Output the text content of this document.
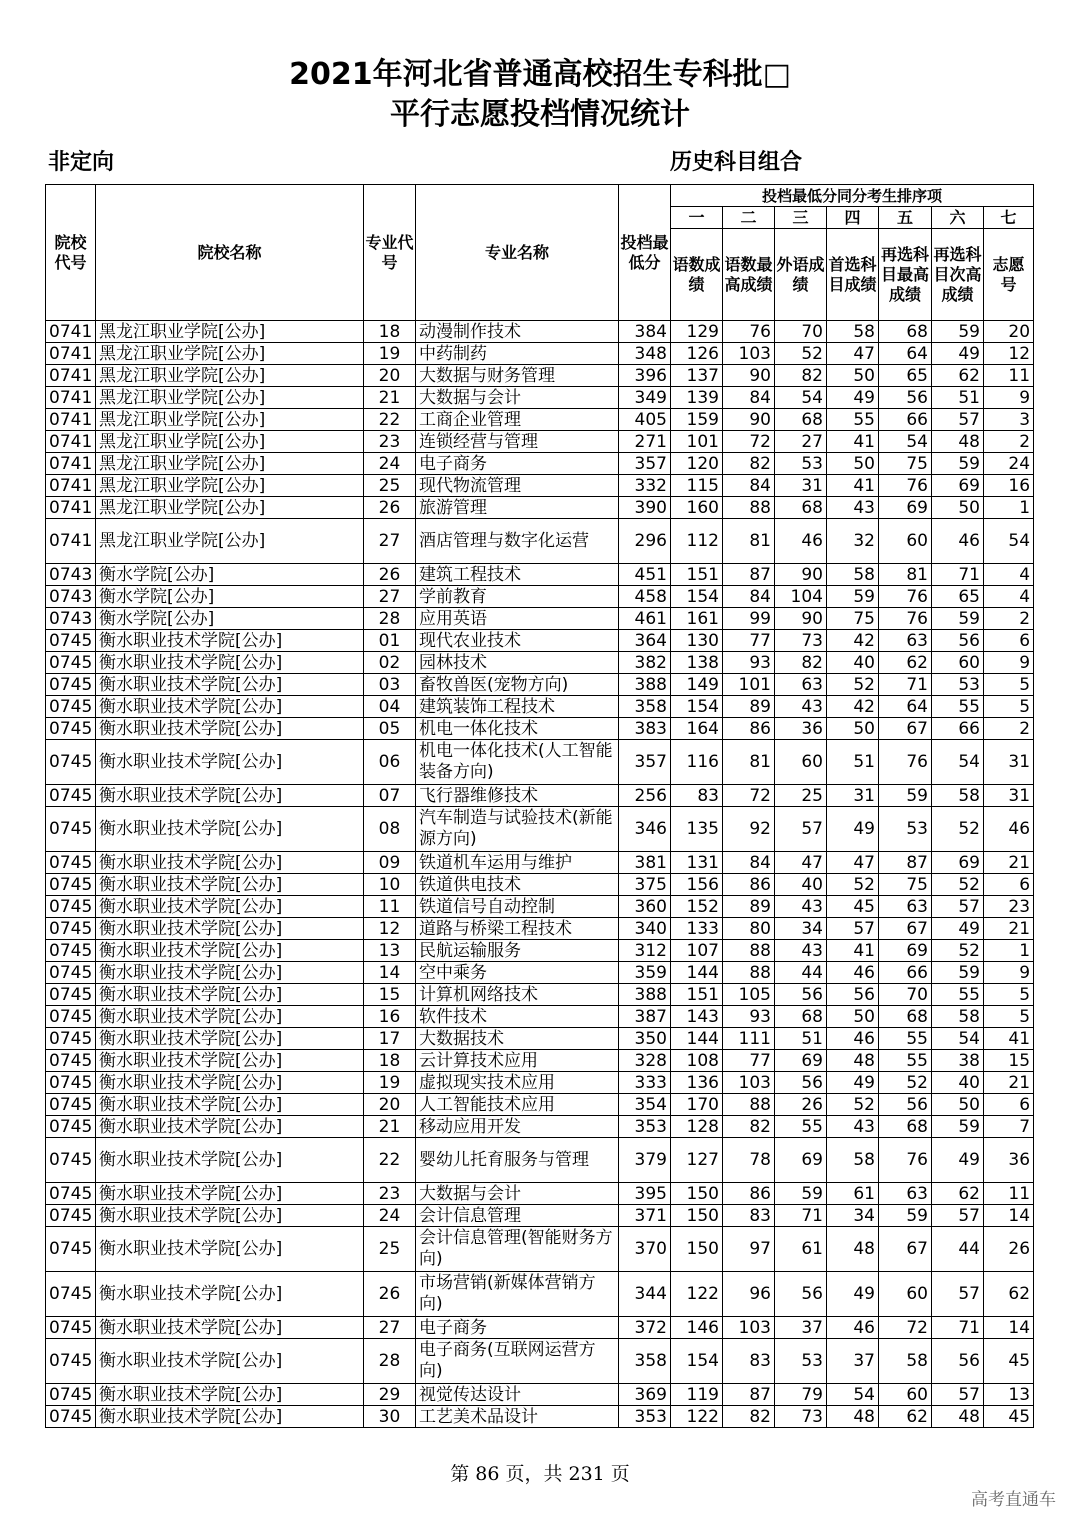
2021年河北省普通高校招生专科批□
平行志愿投档情况统计
非定向	历史科目组合
院校代号	院校名称	专业代号	专业名称	投档最低分	投档最低分同分考生排序项						
					一	二	三	四	五	六	七
					语数成绩	语数最高成绩	外语成绩	首选科目成绩	再选科目最高成绩	再选科目次高成绩	志愿号
0741	黑龙江职业学院[公办]	18	动漫制作技术	384	129	76	70	58	68	59	20
0741	黑龙江职业学院[公办]	19	中药制药	348	126	103	52	47	64	49	12
0741	黑龙江职业学院[公办]	20	大数据与财务管理	396	137	90	82	50	65	62	11
0741	黑龙江职业学院[公办]	21	大数据与会计	349	139	84	54	49	56	51	9
0741	黑龙江职业学院[公办]	22	工商企业管理	405	159	90	68	55	66	57	3
0741	黑龙江职业学院[公办]	23	连锁经营与管理	271	101	72	27	41	54	48	2
0741	黑龙江职业学院[公办]	24	电子商务	357	120	82	53	50	75	59	24
0741	黑龙江职业学院[公办]	25	现代物流管理	332	115	84	31	41	76	69	16
0741	黑龙江职业学院[公办]	26	旅游管理	390	160	88	68	43	69	50	1
0741	黑龙江职业学院[公办]	27	酒店管理与数字化运营	296	112	81	46	32	60	46	54
0743	衡水学院[公办]	26	建筑工程技术	451	151	87	90	58	81	71	4
0743	衡水学院[公办]	27	学前教育	458	154	84	104	59	76	65	4
0743	衡水学院[公办]	28	应用英语	461	161	99	90	75	76	59	2
0745	衡水职业技术学院[公办]	01	现代农业技术	364	130	77	73	42	63	56	6
0745	衡水职业技术学院[公办]	02	园林技术	382	138	93	82	40	62	60	9
0745	衡水职业技术学院[公办]	03	畜牧兽医(宠物方向)	388	149	101	63	52	71	53	5
0745	衡水职业技术学院[公办]	04	建筑装饰工程技术	358	154	89	43	42	64	55	5
0745	衡水职业技术学院[公办]	05	机电一体化技术	383	164	86	36	50	67	66	2
0745	衡水职业技术学院[公办]	06	机电一体化技术(人工智能装备方向)	357	116	81	60	51	76	54	31
0745	衡水职业技术学院[公办]	07	飞行器维修技术	256	83	72	25	31	59	58	31
0745	衡水职业技术学院[公办]	08	汽车制造与试验技术(新能源方向)	346	135	92	57	49	53	52	46
0745	衡水职业技术学院[公办]	09	铁道机车运用与维护	381	131	84	47	47	87	69	21
0745	衡水职业技术学院[公办]	10	铁道供电技术	375	156	86	40	52	75	52	6
0745	衡水职业技术学院[公办]	11	铁道信号自动控制	360	152	89	43	45	63	57	23
0745	衡水职业技术学院[公办]	12	道路与桥梁工程技术	340	133	80	34	57	67	49	21
0745	衡水职业技术学院[公办]	13	民航运输服务	312	107	88	43	41	69	52	1
0745	衡水职业技术学院[公办]	14	空中乘务	359	144	88	44	46	66	59	9
0745	衡水职业技术学院[公办]	15	计算机网络技术	388	151	105	56	56	70	55	5
0745	衡水职业技术学院[公办]	16	软件技术	387	143	93	68	50	68	58	5
0745	衡水职业技术学院[公办]	17	大数据技术	350	144	111	51	46	55	54	41
0745	衡水职业技术学院[公办]	18	云计算技术应用	328	108	77	69	48	55	38	15
0745	衡水职业技术学院[公办]	19	虚拟现实技术应用	333	136	103	56	49	52	40	21
0745	衡水职业技术学院[公办]	20	人工智能技术应用	354	170	88	26	52	56	50	6
0745	衡水职业技术学院[公办]	21	移动应用开发	353	128	82	55	43	68	59	7
0745	衡水职业技术学院[公办]	22	婴幼儿托育服务与管理	379	127	78	69	58	76	49	36
0745	衡水职业技术学院[公办]	23	大数据与会计	395	150	86	59	61	63	62	11
0745	衡水职业技术学院[公办]	24	会计信息管理	371	150	83	71	34	59	57	14
0745	衡水职业技术学院[公办]	25	会计信息管理(智能财务方向)	370	150	97	61	48	67	44	26
0745	衡水职业技术学院[公办]	26	市场营销(新媒体营销方向)	344	122	96	56	49	60	57	62
0745	衡水职业技术学院[公办]	27	电子商务	372	146	103	37	46	72	71	14
0745	衡水职业技术学院[公办]	28	电子商务(互联网运营方向)	358	154	83	53	37	58	56	45
0745	衡水职业技术学院[公办]	29	视觉传达设计	369	119	87	79	54	60	57	13
0745	衡水职业技术学院[公办]	30	工艺美术品设计	353	122	82	73	48	62	48	45
第 86 页，共 231 页
高考直通车
